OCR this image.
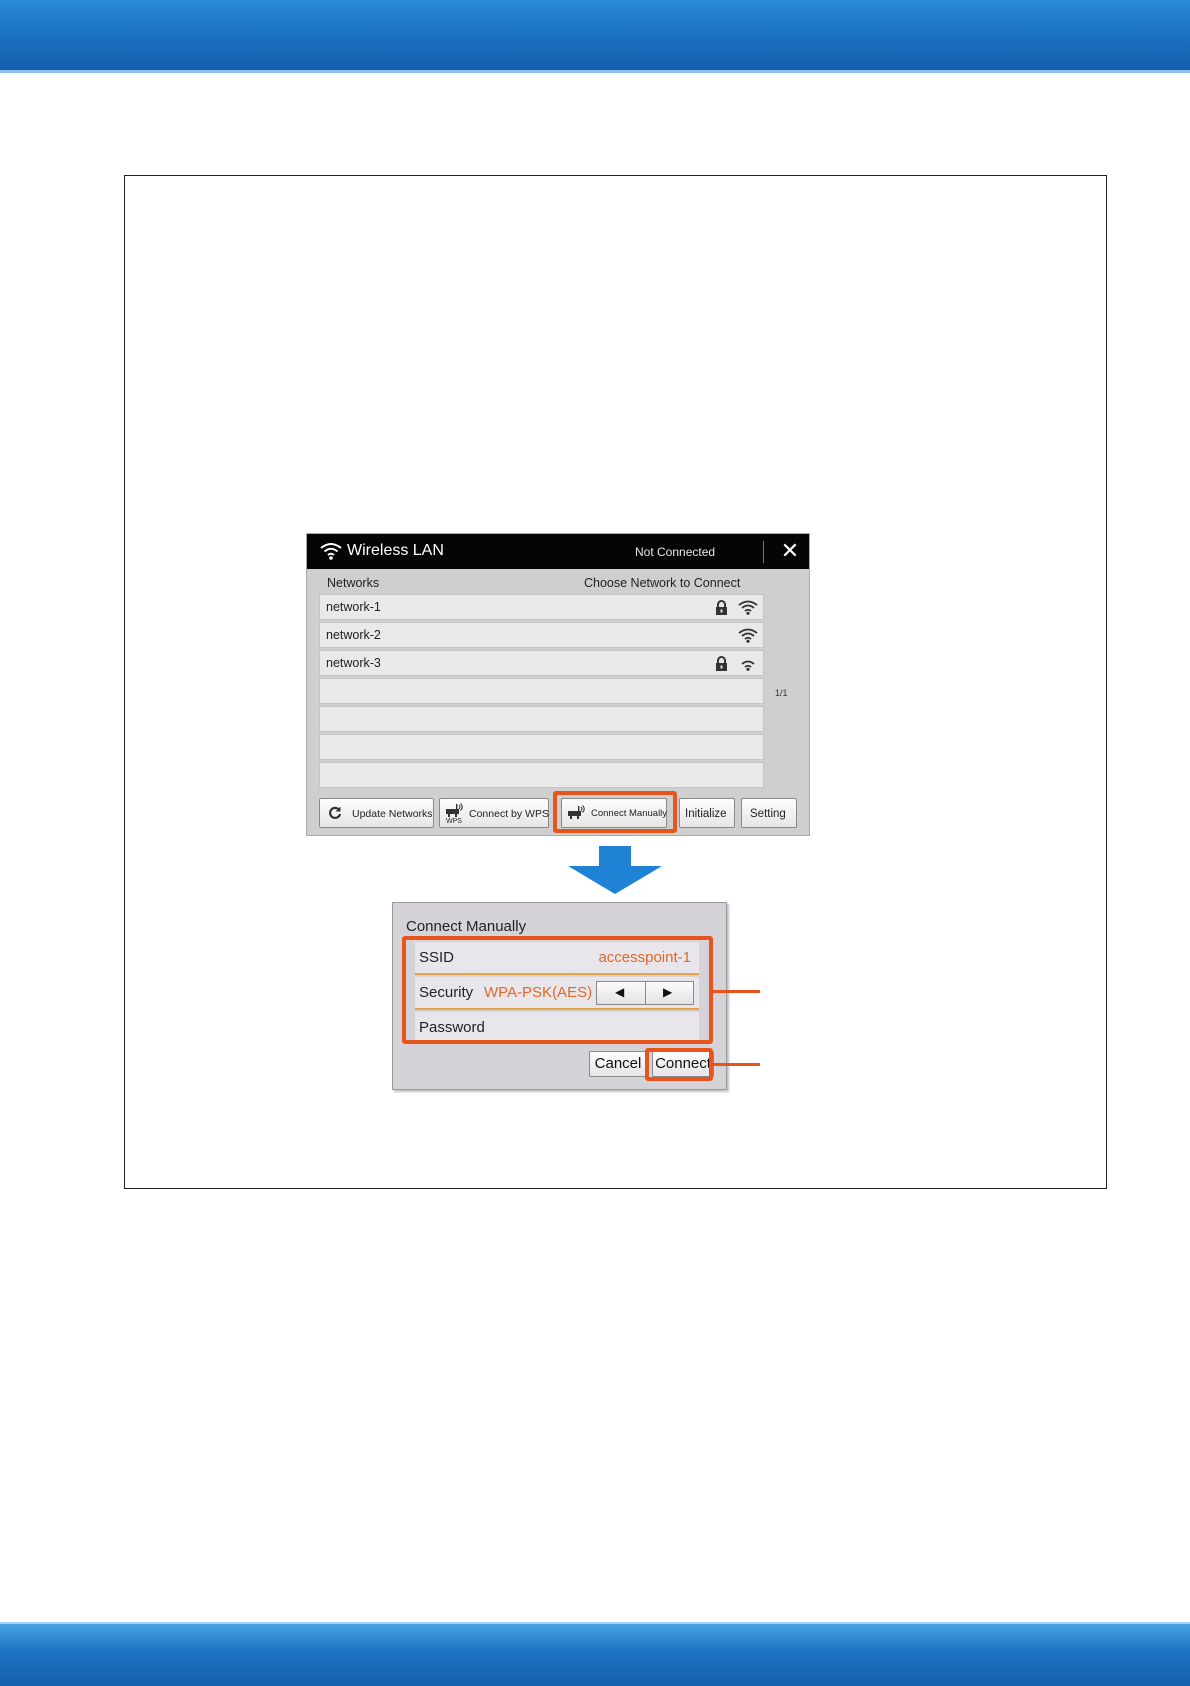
Wireless LAN	Not Connected	✕
Networks	Choose Network to Connect
network-1
network-2
network-3
1/1
Update Networks
WPS
Connect by WPS	Connect Manually Initialize Setting
Connect Manually
SSID	accesspoint-1
Security WPA-PSK(AES) ◀	▶
Password
Cancel Connect
